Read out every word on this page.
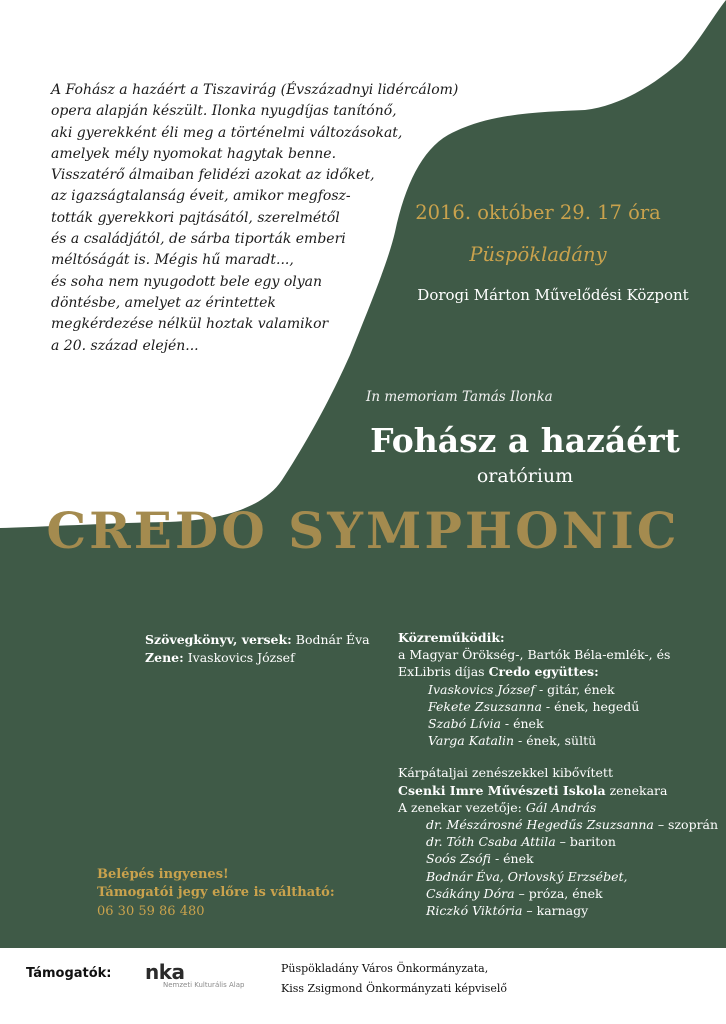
A Fohász a hazáért a Tiszavirág (Évszázadnyi lidércálom)
opera alapján készült. Ilonka nyugdíjas tanítónő,
aki gyerekként éli meg a történelmi változásokat,
amelyek mély nyomokat hagytak benne.
Visszatérő álmaiban felidézi azokat az időket,
az igazságtalanság éveit, amikor megfosz-
tották gyerekkori pajtásától, szerelmétől
és a családjától, de sárba tiporták emberi
méltóságát is. Mégis hű maradt...,
és soha nem nyugodott bele egy olyan
döntésbe, amelyet az érintettek
megkérdezése nélkül hoztak valamikor
a 20. század elején...
2016. október 29. 17 óra
Püspökladány
Dorogi Márton Művelődési Központ
In memoriam Tamás Ilonka
Fohász a hazáért
oratórium
CREDO SYMPHONIC
Szövegkönyv, versek: Bodnár Éva
Zene: Ivaskovics József
Közreműködik:
a Magyar Örökség-, Bartók Béla-emlék-, és
ExLibris díjas Credo együttes:
Ivaskovics József - gitár, ének
Fekete Zsuzsanna - ének, hegedű
Szabó Lívia - ének
Varga Katalin - ének, sültü
Kárpátaljai zenészekkel kibővített
Csenki Imre Művészeti Iskola zenekara
A zenekar vezetője: Gál András
dr. Mészárosné Hegedűs Zsuzsanna – szoprán
dr. Tóth Csaba Attila – bariton
Soós Zsófi - ének
Bodnár Éva, Orlovský Erzsébet,
Csákány Dóra – próza, ének
Riczkó Viktória – karnagy
Belépés ingyenes!
Támogatói jegy előre is váltható:
06 30 59 86 480
Támogatók: nka
Nemzeti Kulturális Alap
Püspökladány Város Önkormányzata,
Kiss Zsigmond Önkormányzati képviselő
